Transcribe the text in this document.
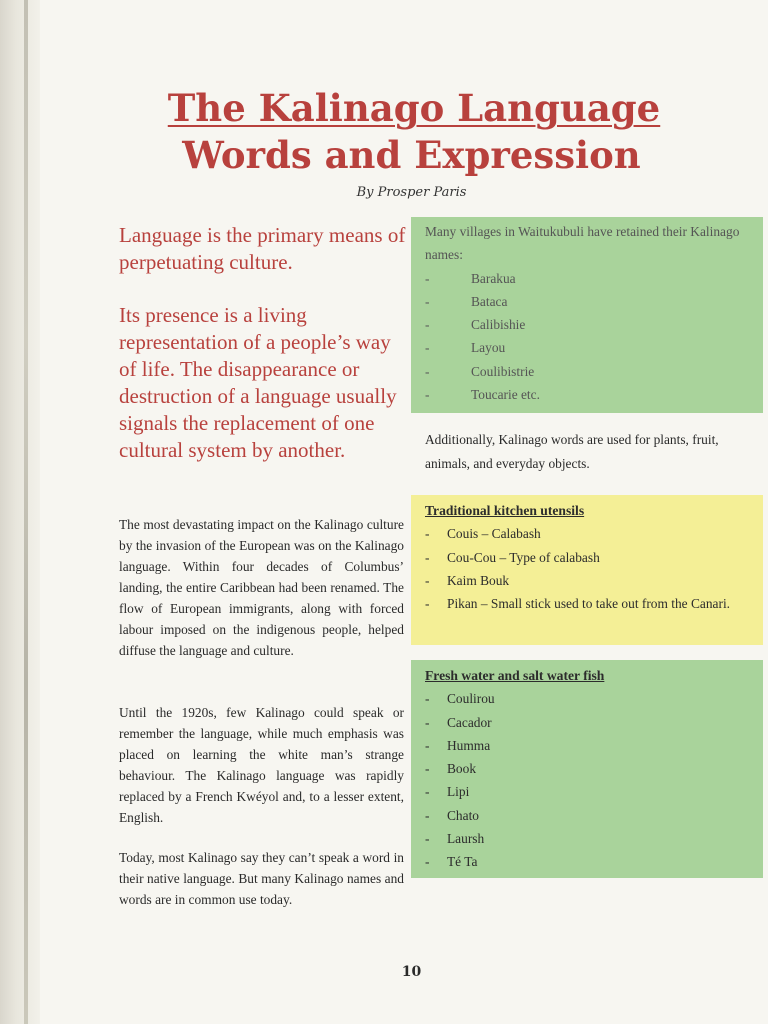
The Kalinago Language
Words and Expression
By Prosper Paris
Language is the primary means of perpetuating culture.
Its presence is a living representation of a people’s way of life. The disappearance or destruction of a language usually signals the replacement of one cultural system by another.
The most devastating impact on the Kalinago culture by the invasion of the European was on the Kalinago language. Within four decades of Columbus’ landing, the entire Caribbean had been renamed. The flow of European immigrants, along with forced labour imposed on the indigenous people, helped diffuse the language and culture.
Until the 1920s, few Kalinago could speak or remember the language, while much emphasis was placed on learning the white man’s strange behaviour. The Kalinago language was rapidly replaced by a French Kwéyol and, to a lesser extent, English.
Today, most Kalinago say they can’t speak a word in their native language. But many Kalinago names and words are in common use today.
Many villages in Waitukubuli have retained their Kalinago names:
-	Barakua
-	Bataca
-	Calibishie
-	Layou
-	Coulibistrie
-	Toucarie etc.
Additionally, Kalinago words are used for plants, fruit, animals, and everyday objects.
Traditional kitchen utensils
-	Couis – Calabash
-	Cou-Cou – Type of calabash
-	Kaim Bouk
-	Pikan – Small stick used to take out from the Canari.
Fresh water and salt water fish
-	Coulirou
-	Cacador
-	Humma
-	Book
-	Lipi
-	Chato
-	Laursh
-	Té Ta
10
